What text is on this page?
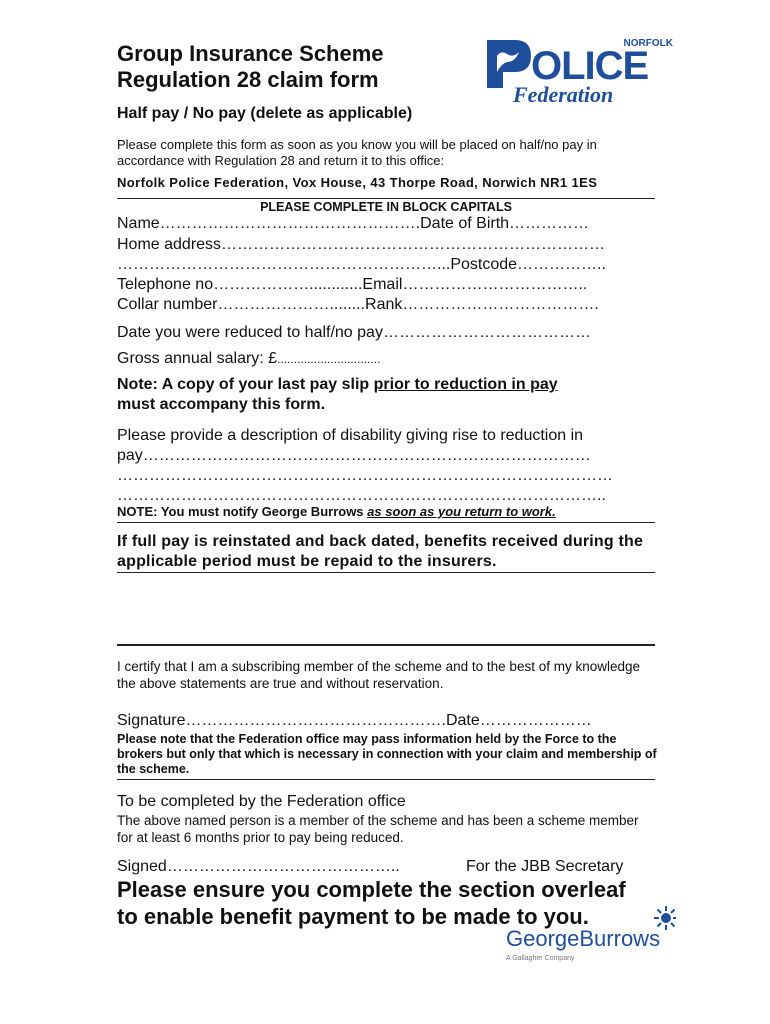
Group Insurance Scheme
Regulation 28 claim form
NORFOLK
OLICE
Federation
Half pay / No pay (delete as applicable)
Please complete this form as soon as you know you will be placed on half/no pay in accordance with Regulation 28 and return it to this office:
Norfolk Police Federation, Vox House, 43 Thorpe Road, Norwich NR1 1ES
PLEASE COMPLETE IN BLOCK CAPITALS
Name………………………………………….Date of Birth……………
Home address………………………………………………………………
……………………………………………………...Postcode……………..
Telephone no………………............Email……………………………..
Collar number…………………........Rank……………………………….
Date you were reduced to half/no pay…………………………………
Gross annual salary: £...............................
Note: A copy of your last pay slip prior to reduction in pay
must accompany this form.
Please provide a description of disability giving rise to reduction in
pay…………………………………………………………………………
…………………………………………………………………………………
………………………………………………………………………………..
NOTE: You must notify George Burrows as soon as you return to work.
If full pay is reinstated and back dated, benefits received during the applicable period must be repaid to the insurers.
I certify that I am a subscribing member of the scheme and to the best of my knowledge the above statements are true and without reservation.
Signature………………………………………….Date…………………
Please note that the Federation office may pass information held by the Force to the brokers but only that which is necessary in connection with your claim and membership of the scheme.
To be completed by the Federation office
The above named person is a member of the scheme and has been a scheme member for at least 6 months prior to pay being reduced.
Signed……………………………………..	For the JBB Secretary
Please ensure you complete the section overleaf to enable benefit payment to be made to you.
GeorgeBurrows
A Gallagher Company
